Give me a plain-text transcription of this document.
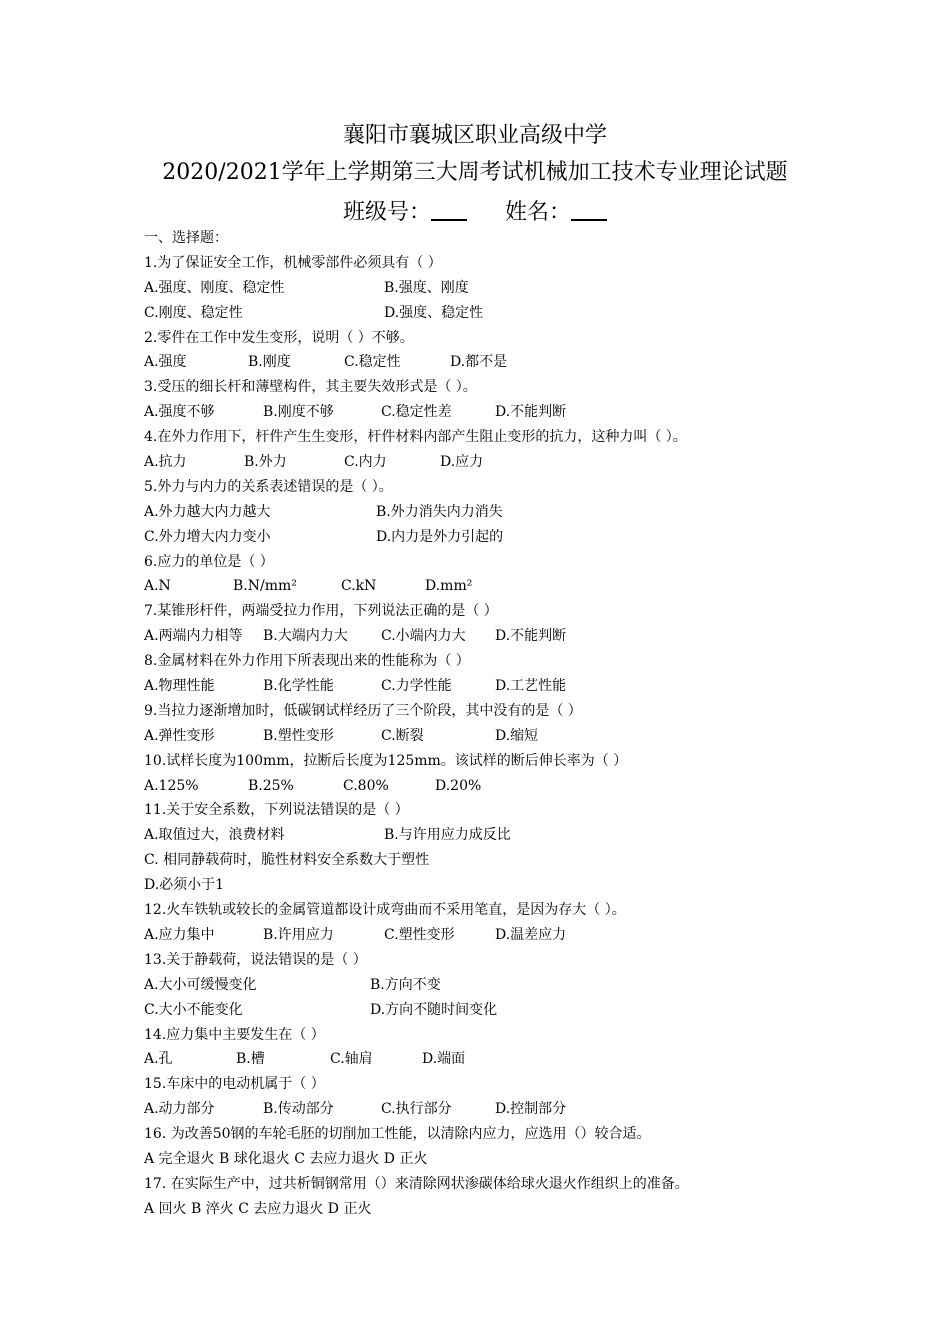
襄阳市襄城区职业高级中学
2020/2021学年上学期第三大周考试机械加工技术专业理论试题
班级号：	姓名：
一、选择题：
1.为了保证安全工作，机械零部件必须具有（ ）
A.强度、刚度、稳定性	B.强度、刚度
C.刚度、稳定性	D.强度、稳定性
2.零件在工作中发生变形，说明（ ）不够。
A.强度	B.刚度	C.稳定性	D.都不是
3.受压的细长杆和薄壁构件，其主要失效形式是（ ）。
A.强度不够	B.刚度不够	C.稳定性差	D.不能判断
4.在外力作用下，杆件产生生变形，杆件材料内部产生阻止变形的抗力，这种力叫（ ）。
A.抗力	B.外力	C.内力	D.应力
5.外力与内力的关系表述错误的是（ ）。
A.外力越大内力越大	B.外力消失内力消失
C.外力增大内力变小	D.内力是外力引起的
6.应力的单位是（ ）
A.N	B.N/mm²	C.kN	D.mm²
7.某锥形杆件，两端受拉力作用，下列说法正确的是（ ）
A.两端内力相等 B.大端内力大 C.小端内力大 D.不能判断
8.金属材料在外力作用下所表现出来的性能称为（ ）
A.物理性能	B.化学性能	C.力学性能	D.工艺性能
9.当拉力逐渐增加时，低碳钢试样经历了三个阶段，其中没有的是（ ）
A.弹性变形	B.塑性变形	C.断裂	D.缩短
10.试样长度为100mm，拉断后长度为125mm。该试样的断后伸长率为（ ）
A.125%	B.25%	C.80%	D.20%
11.关于安全系数，下列说法错误的是（ ）
A.取值过大，浪费材料	B.与许用应力成反比
C. 相同静载荷时，脆性材料安全系数大于塑性
D.必须小于1
12.火车铁轨或较长的金属管道都设计成弯曲而不采用笔直，是因为存大（ ）。
A.应力集中	B.许用应力	C.塑性变形	D.温差应力
13.关于静载荷，说法错误的是（ ）
A.大小可缓慢变化	B.方向不变
C.大小不能变化	D.方向不随时间变化
14.应力集中主要发生在（ ）
A.孔	B.槽	C.轴肩	D.端面
15.车床中的电动机属于（ ）
A.动力部分	B.传动部分	C.执行部分	D.控制部分
16. 为改善50钢的车轮毛胚的切削加工性能，以清除内应力，应选用（）较合适。
A 完全退火 B 球化退火 C 去应力退火 D 正火
17. 在实际生产中，过共析铜钢常用（）来清除网状渗碳体给球火退火作组织上的准备。
A 回火 B 淬火 C 去应力退火 D 正火
